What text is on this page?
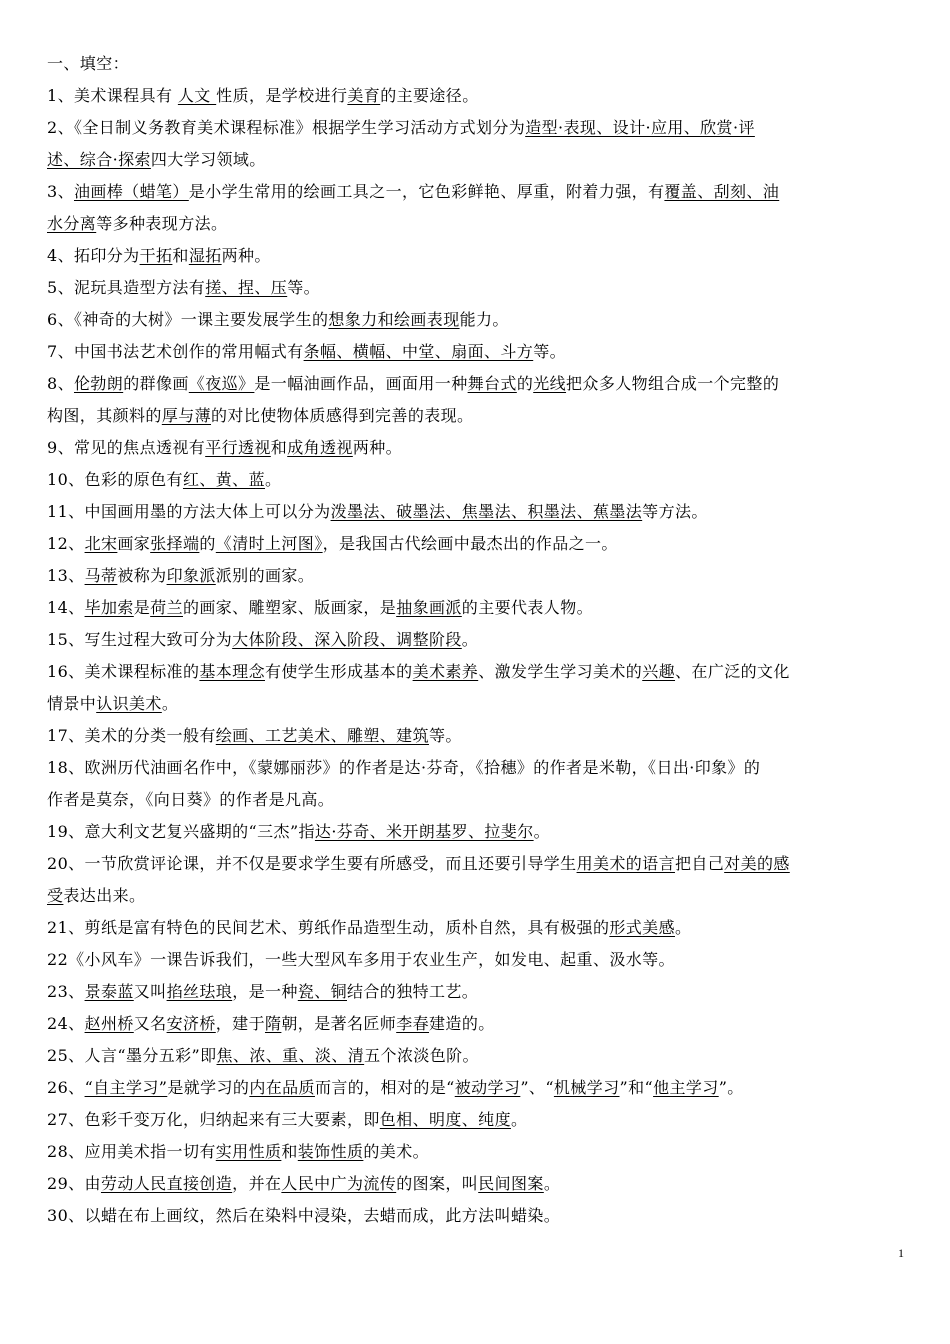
一、填空：
1、美术课程具有 人文 性质，是学校进行美育的主要途径。
2、《全日制义务教育美术课程标准》根据学生学习活动方式划分为造型·表现、设计·应用、欣赏·评
述、综合·探索四大学习领域。
3、油画棒（蜡笔）是小学生常用的绘画工具之一，它色彩鲜艳、厚重，附着力强，有覆盖、刮刻、油
水分离等多种表现方法。
4、拓印分为干拓和湿拓两种。
5、泥玩具造型方法有搓、捏、压等。
6、《神奇的大树》一课主要发展学生的想象力和绘画表现能力。
7、中国书法艺术创作的常用幅式有条幅、横幅、中堂、扇面、斗方等。
8、伦勃朗的群像画《夜巡》是一幅油画作品，画面用一种舞台式的光线把众多人物组合成一个完整的
构图，其颜料的厚与薄的对比使物体质感得到完善的表现。
9、常见的焦点透视有平行透视和成角透视两种。
10、色彩的原色有红、黄、蓝。
11、中国画用墨的方法大体上可以分为泼墨法、破墨法、焦墨法、积墨法、蕉墨法等方法。
12、北宋画家张择端的《清时上河图》，是我国古代绘画中最杰出的作品之一。
13、马蒂被称为印象派派别的画家。
14、毕加索是荷兰的画家、雕塑家、版画家，是抽象画派的主要代表人物。
15、写生过程大致可分为大体阶段、深入阶段、调整阶段。
16、美术课程标准的基本理念有使学生形成基本的美术素养、激发学生学习美术的兴趣、在广泛的文化
情景中认识美术。
17、美术的分类一般有绘画、工艺美术、雕塑、建筑等。
18、欧洲历代油画名作中，《蒙娜丽莎》的作者是达·芬奇，《拾穗》的作者是米勒，《日出·印象》的
作者是莫奈，《向日葵》的作者是凡高。
19、意大利文艺复兴盛期的“三杰”指达·芬奇、米开朗基罗、拉斐尔。
20、一节欣赏评论课，并不仅是要求学生要有所感受，而且还要引导学生用美术的语言把自己对美的感
受表达出来。
21、剪纸是富有特色的民间艺术、剪纸作品造型生动，质朴自然，具有极强的形式美感。
22《小风车》一课告诉我们，一些大型风车多用于农业生产，如发电、起重、汲水等。
23、景泰蓝又叫掐丝珐琅，是一种瓷、铜结合的独特工艺。
24、赵州桥又名安济桥，建于隋朝，是著名匠师李春建造的。
25、人言“墨分五彩”即焦、浓、重、淡、清五个浓淡色阶。
26、“自主学习”是就学习的内在品质而言的，相对的是“被动学习”、“机械学习”和“他主学习”。
27、色彩千变万化，归纳起来有三大要素，即色相、明度、纯度。
28、应用美术指一切有实用性质和装饰性质的美术。
29、由劳动人民直接创造，并在人民中广为流传的图案，叫民间图案。
30、以蜡在布上画纹，然后在染料中浸染，去蜡而成，此方法叫蜡染。
1
